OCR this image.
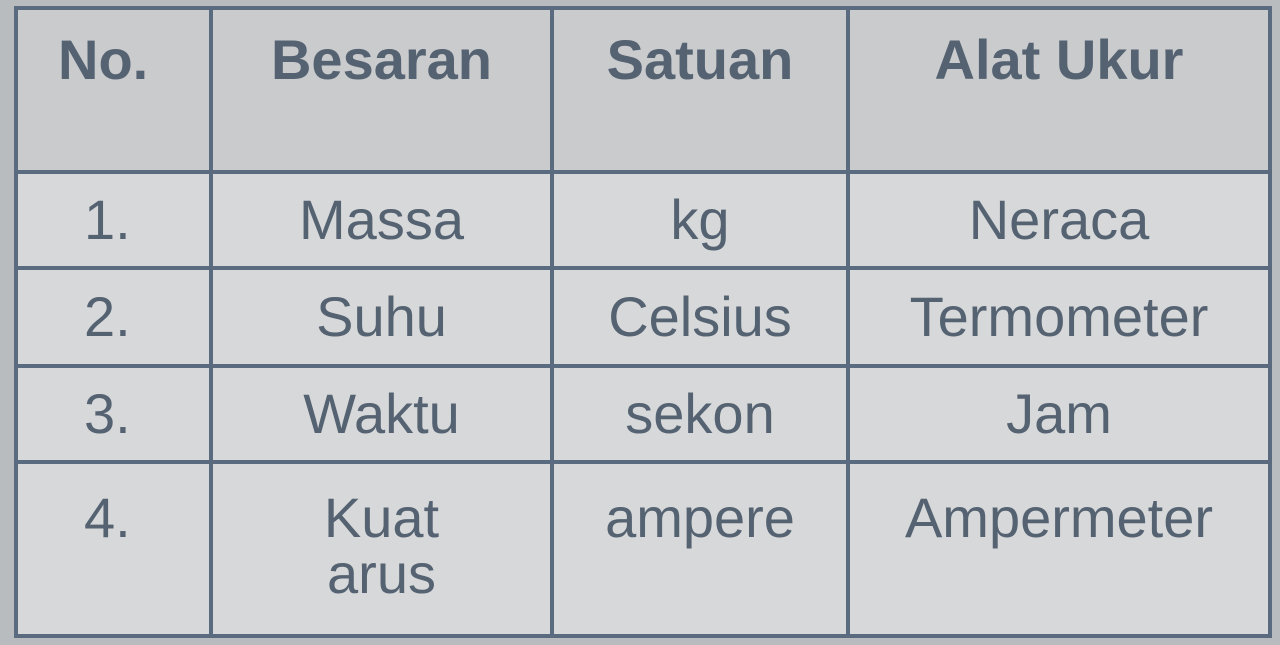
No.	Besaran	Satuan	Alat Ukur
1.	Massa	kg	Neraca
2.	Suhu	Celsius	Termometer
3.	Waktu	sekon	Jam
4.	Kuat arus	ampere	Ampermeter
